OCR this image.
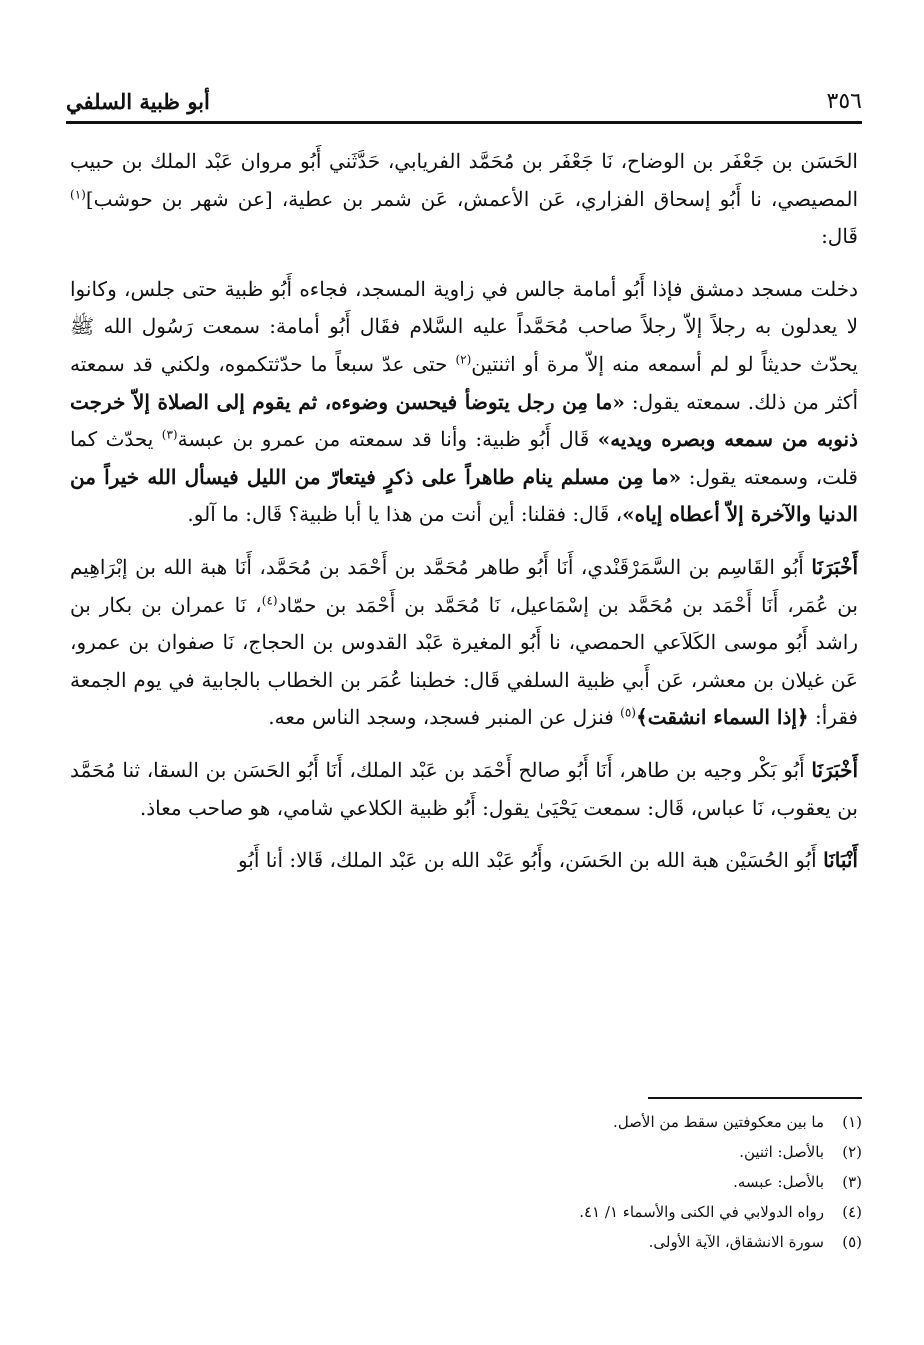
أبو ظبية السلفي	٣٥٦

الحَسَن بن جَعْفَر بن الوضاح، نَا جَعْفَر بن مُحَمَّد الفريابي، حَدَّثَني أَبُو مروان عَبْد الملك بن حبيب المصيصي، نا أَبُو إسحاق الفزاري، عَن الأعمش، عَن شمر بن عطية، [عن شهر بن حوشب]$^{(١)}$ قَال:

دخلت مسجد دمشق فإذا أَبُو أمامة جالس في زاوية المسجد، فجاءه أَبُو ظبية حتى جلس، وكانوا لا يعدلون به رجلاً إلاّ رجلاً صاحب مُحَمَّداً عليه السَّلام فقَال أَبُو أمامة: سمعت رَسُول الله ﷺ يحدّث حديثاً لو لم أسمعه منه إلاّ مرة أو اثنتين$^{(٢)}$ حتى عدّ سبعاً ما حدّثتكموه، ولكني قد سمعته أكثر من ذلك. سمعته يقول: «ما مِن رجل يتوضأ فيحسن وضوءه، ثم يقوم إلى الصلاة إلاّ خرجت ذنوبه من سمعه وبصره ويديه» قَال أَبُو ظبية: وأنا قد سمعته من عمرو بن عبسة$^{(٣)}$ يحدّث كما قلت، وسمعته يقول: «ما مِن مسلم ينام طاهراً على ذكرٍ فيتعارّ من الليل فيسأل الله خيراً من الدنيا والآخرة إلاّ أعطاه إياه»، قَال: فقلنا: أين أنت من هذا يا أبا ظبية؟ قَال: ما آلو.

أَخْبَرَنَا أَبُو القَاسِم بن السَّمَرْقَنْدي، أَنَا أَبُو طاهر مُحَمَّد بن أَحْمَد بن مُحَمَّد، أَنَا هبة الله بن إبْرَاهِيم بن عُمَر، أَنَا أَحْمَد بن مُحَمَّد بن إسْمَاعيل، نَا مُحَمَّد بن أَحْمَد بن حمّاد$^{(٤)}$، نَا عمران بن بكار بن راشد أَبُو موسى الكَلاَعي الحمصي، نا أَبُو المغيرة عَبْد القدوس بن الحجاج، نَا صفوان بن عمرو، عَن غيلان بن معشر، عَن أَبي ظبية السلفي قَال: خطبنا عُمَر بن الخطاب بالجابية في يوم الجمعة فقرأ: ﴿إذا السماء انشقت﴾$^{(٥)}$ فنزل عن المنبر فسجد، وسجد الناس معه.

أَخْبَرَنَا أَبُو بَكْر وجيه بن طاهر، أَنَا أَبُو صالح أَحْمَد بن عَبْد الملك، أَنَا أَبُو الحَسَن بن السقا، ثنا مُحَمَّد بن يعقوب، نَا عباس، قَال: سمعت يَحْيَىٰ يقول: أَبُو ظبية الكلاعي شامي، هو صاحب معاذ.

أَنْبَانَا أَبُو الحُسَيْن هبة الله بن الحَسَن، وأَبُو عَبْد الله بن عَبْد الملك، قَالا: أنا أَبُو

(١)ما بين معكوفتين سقط من الأصل.
(٢)بالأصل: اثنين.
(٣)بالأصل: عبسه.
(٤)رواه الدولابي في الكنى والأسماء ١/ ٤١.
(٥)سورة الانشقاق، الآية الأولى.
